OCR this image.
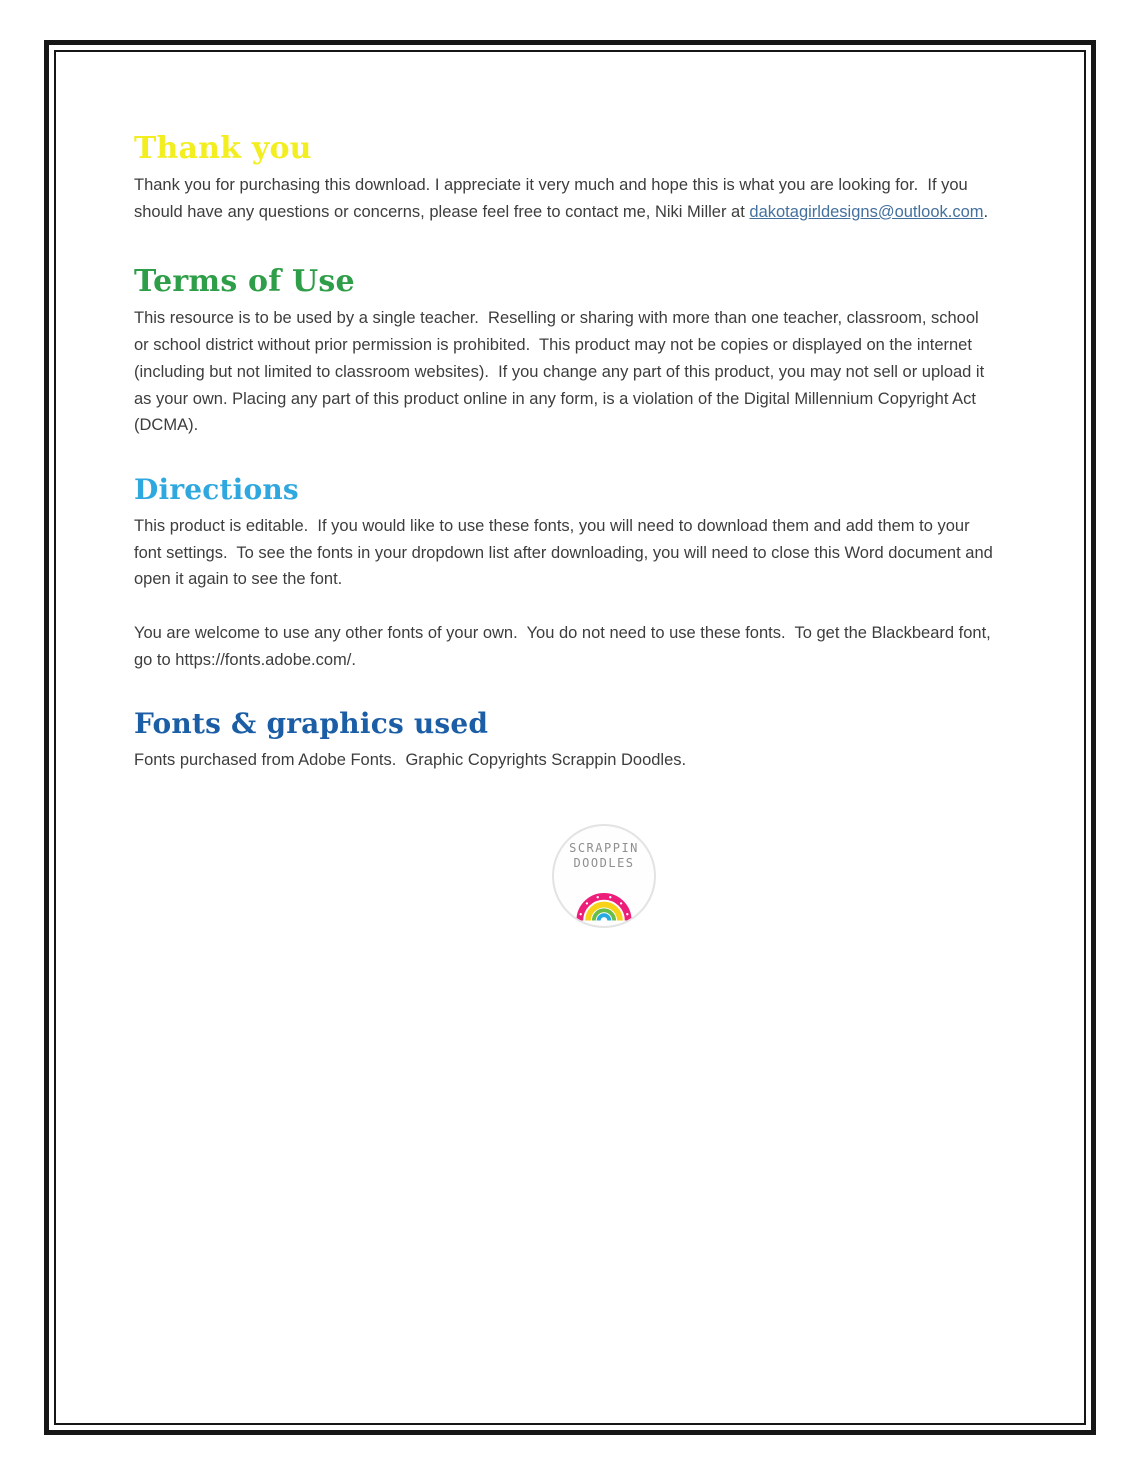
Thank you

Thank you for purchasing this download. I appreciate it very much and hope this is what you are looking for.  If you should have any questions or concerns, please feel free to contact me, Niki Miller at dakotagirldesigns@outlook.com.

Terms of Use

This resource is to be used by a single teacher.  Reselling or sharing with more than one teacher, classroom, school or school district without prior permission is prohibited.  This product may not be copies or displayed on the internet (including but not limited to classroom websites).  If you change any part of this product, you may not sell or upload it as your own. Placing any part of this product online in any form, is a violation of the Digital Millennium Copyright Act (DCMA).

Directions

This product is editable.  If you would like to use these fonts, you will need to download them and add them to your font settings.  To see the fonts in your dropdown list after downloading, you will need to close this Word document and open it again to see the font.

You are welcome to use any other fonts of your own.  You do not need to use these fonts.  To get the Blackbeard font, go to https://fonts.adobe.com/.

Fonts & graphics used

Fonts purchased from Adobe Fonts.  Graphic Copyrights Scrappin Doodles.

SCRAPPIN
DOODLES
